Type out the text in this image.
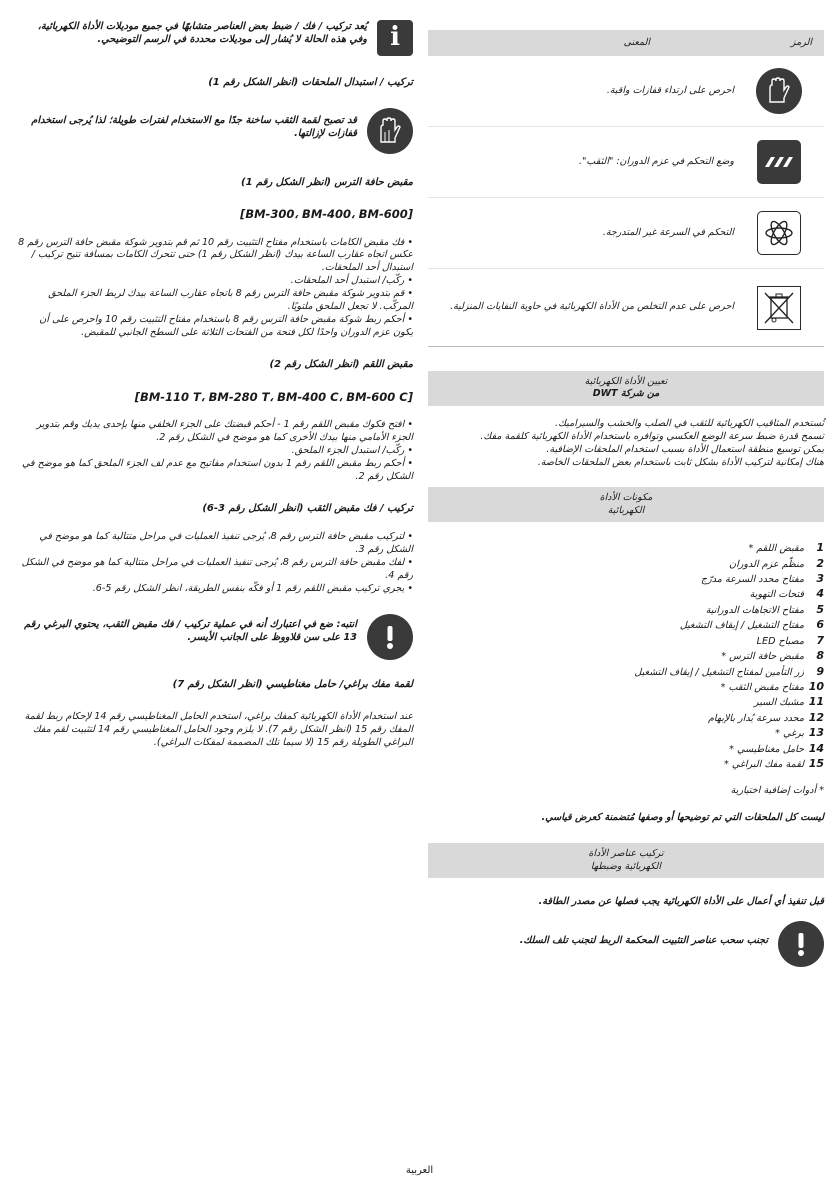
i

يُعد تركيب / فك / ضبط بعض العناصر متشابهًا في جميع موديلات الأداة الكهربائية، وفي هذه الحالة لا يُشار إلى موديلات محددة في الرسم التوضيحي.

تركيب / استبدال الملحقات (انظر الشكل رقم 1)

قد تصبح لقمة الثقب ساخنة جدًا مع الاستخدام لفترات طويلة؛ لذا يُرجى استخدام قفازات لإزالتها.

مقبض حافة الترس (انظر الشكل رقم 1)

[BM-300، BM-400، BM-600]

• فك مقبض الكامات باستخدام مفتاح التثبيت رقم 10 ثم قم بتدوير شوكة مقبض حافة الترس رقم 8 عكس اتجاه عقارب الساعة بيدك (انظر الشكل رقم 1) حتى تتحرك الكامات بمسافة تتيح تركيب / استبدال أحد الملحقات.

• ركّب/ استبدل أحد الملحقات.

• قم بتدوير شوكة مقبض حافة الترس رقم 8 باتجاه عقارب الساعة بيدك لربط الجزء الملحق المركّب. لا تجعل الملحق ملتويًا.

• أحكم ربط شوكة مقبض حافة الترس رقم 8 باستخدام مفتاح التثبيت رقم 10 واحرص على أن يكون عزم الدوران واحدًا لكل فتحة من الفتحات الثلاثة على السطح الجانبي للمقبض.

مقبض اللقم (انظر الشكل رقم 2)

[BM-110 T، BM-280 T، BM-400 C، BM-600 C]

• افتح فكوك مقبض اللقم رقم 1 - أحكم قبضتك على الجزء الخلفي منها بإحدى يديك وقم بتدوير الجزء الأمامي منها بيدك الأخرى كما هو موضح في الشكل رقم 2.

• ركّب/ استبدل الجزء الملحق.

• أحكم ربط مقبض اللقم رقم 1 بدون استخدام مفاتيح مع عدم لف الجزء الملحق كما هو موضح في الشكل رقم 2.

تركيب / فك مقبض الثقب (انظر الشكل رقم 3-6)

• لتركيب مقبض حافة الترس رقم 8، يُرجى تنفيذ العمليات في مراحل متتالية كما هو موضح في الشكل رقم 3.

• لفك مقبض حافة الترس رقم 8، يُرجى تنفيذ العمليات في مراحل متتالية كما هو موضح في الشكل رقم 4.

• يجري تركيب مقبض اللقم رقم 1 أو فكّه بنفس الطريقة، انظر الشكل رقم 5-6.

انتبه: ضع في اعتبارك أنه في عملية تركيب / فك مقبض الثقب، يحتوي البرغي رقم 13 على سن قلاووظ على الجانب الأيسر.

لقمة مفك براغي/ حامل مغناطيسي (انظر الشكل رقم 7)

عند استخدام الأداة الكهربائية كمفك براغي، استخدم الحامل المغناطيسي رقم 14 لإحكام ربط لقمة المفك رقم 15 (انظر الشكل رقم 7). لا يلزم وجود الحامل المغناطيسي رقم 14 لتثبيت لقم مفك البراغي الطويلة رقم 15 (لا سيما تلك المصممة لمفكات البراغي).

الرمز
المعنى
احرص على ارتداء قفازات واقية.
وضع التحكم في عزم الدوران: "الثقب".
التحكم في السرعة غير المتدرجة.
احرص على عدم التخلص من الأداة الكهربائية في حاوية النفايات المنزلية.
تعيين الأداة الكهربائية
من شركة DWT

تُستخدم المثاقيب الكهربائية للثقب في الصلب والخشب والسيراميك.

تسمح قدرة ضبط سرعة الوضع العكسي وتوافره باستخدام الأداة الكهربائية كلقمة مفك.

يمكن توسيع منطقة استعمال الأداة بسبب استخدام الملحقات الإضافية.

هناك إمكانية لتركيب الأداة بشكل ثابت باستخدام بعض الملحقات الخاصة.

مكونات الأداة
الكهربائية

1مقبض اللقم *

2منظّم عزم الدوران

3مفتاح محدد السرعة مدرّج

4فتحات التهوية

5مفتاح الاتجاهات الدورانية

6مفتاح التشغيل / إيقاف التشغيل

7مصباح LED

8مقبض حافة الترس *

9زر التأمين لمفتاح التشغيل / إيقاف التشغيل

10مفتاح مقبض الثقب *

11مشبك السير

12محدد سرعة يُدار بالإبهام

13برغي *

14حامل مغناطيسي *

15لقمة مفك البراغي *

* أدوات إضافية اختيارية

ليست كل الملحقات التي تم توضيحها أو وصفها مُتضمنة كعرض قياسي.

تركيب عناصر الأداة
الكهربائية وضبطها

قبل تنفيذ أي أعمال على الأداة الكهربائية يجب فصلها عن مصدر الطاقة.

تجنب سحب عناصر التثبيت المحكمة الربط لتجنب تلف السلك.

العربية
